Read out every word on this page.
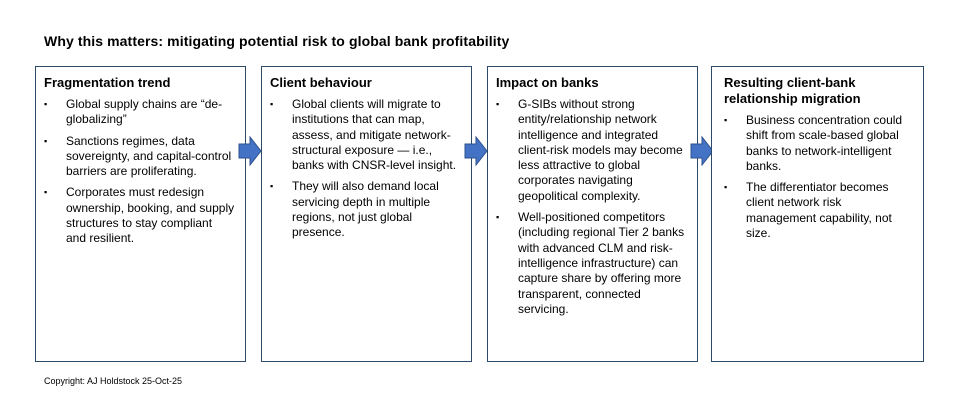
Why this matters: mitigating potential risk to global bank profitability
Fragmentation trend
▪ Global supply chains are “de-globalizing”
▪ Sanctions regimes, data sovereignty, and capital-control barriers are proliferating.
▪ Corporates must redesign ownership, booking, and supply structures to stay compliant and resilient.
Client behaviour
▪ Global clients will migrate to institutions that can map, assess, and mitigate network-structural exposure — i.e., banks with CNSR-level insight.
▪ They will also demand local servicing depth in multiple regions, not just global presence.
Impact on banks
▪ G-SIBs without strong entity/relationship network intelligence and integrated client-risk models may become less attractive to global corporates navigating geopolitical complexity.
▪ Well-positioned competitors (including regional Tier 2 banks with advanced CLM and risk-intelligence infrastructure) can capture share by offering more transparent, connected servicing.
Resulting client-bank relationship migration
▪ Business concentration could shift from scale-based global banks to network-intelligent banks.
▪ The differentiator becomes client network risk management capability, not size.
Copyright: AJ Holdstock 25-Oct-25
